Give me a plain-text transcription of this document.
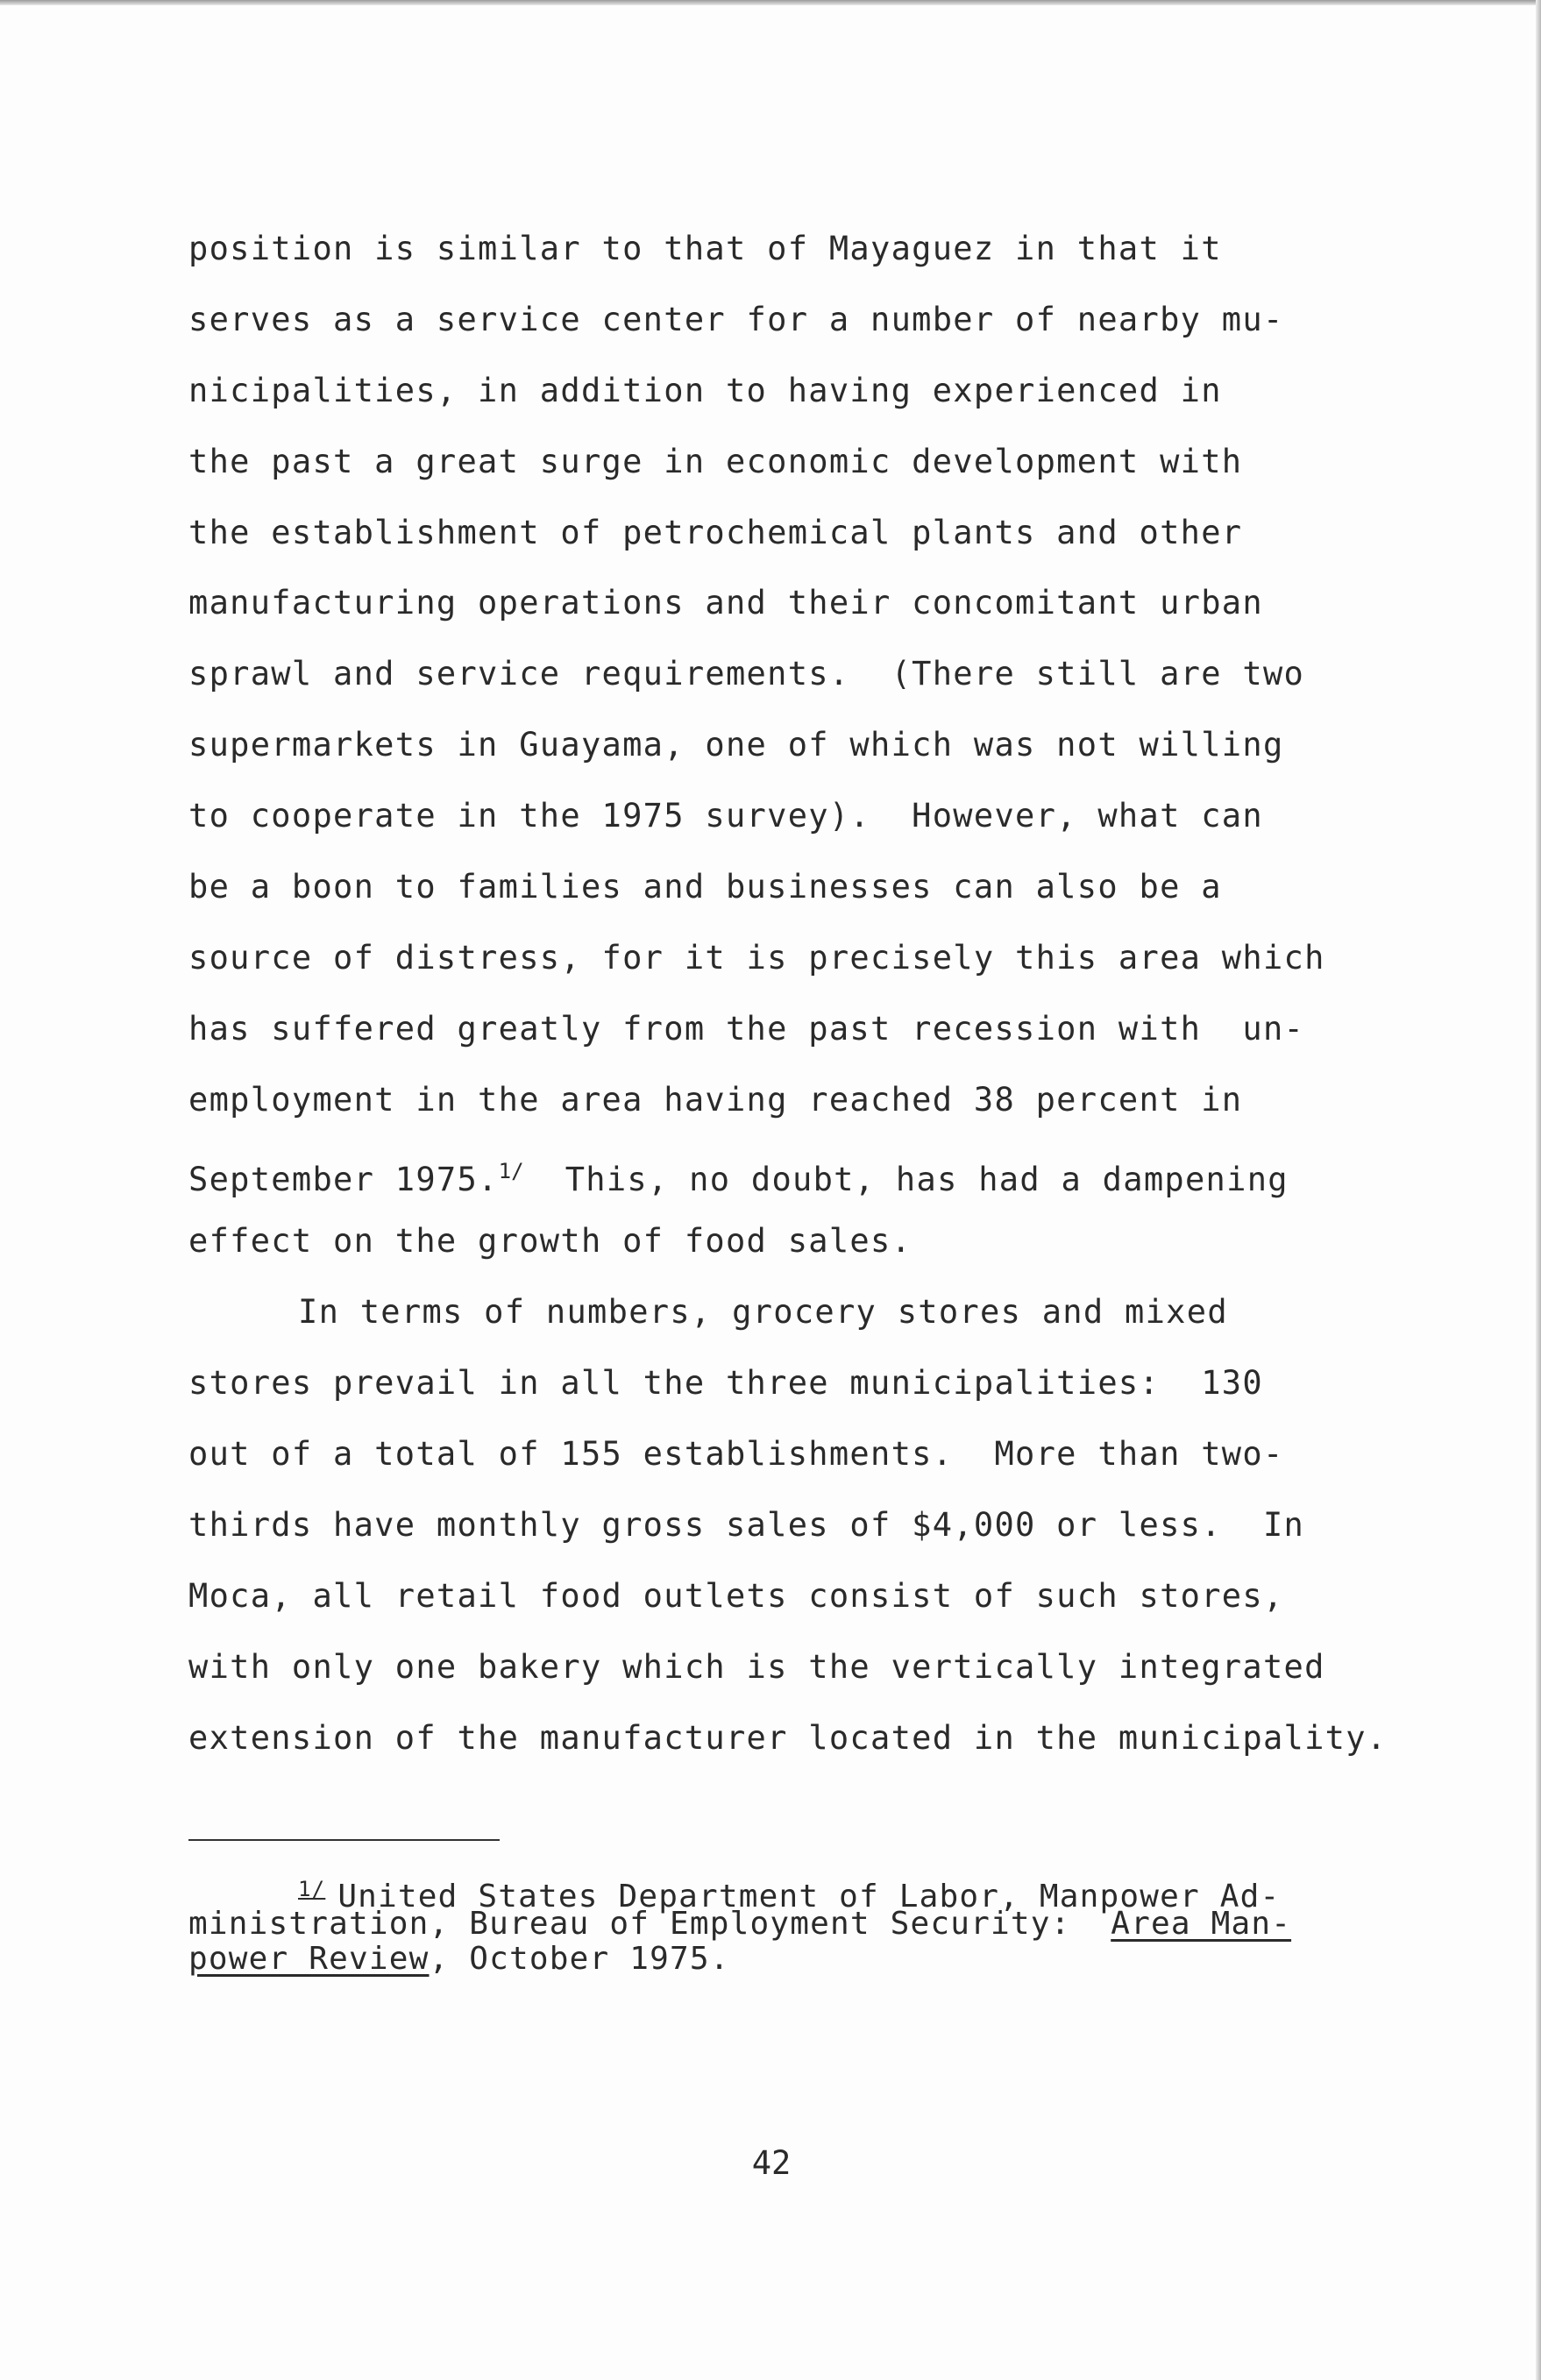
position is similar to that of Mayaguez in that it
serves as a service center for a number of nearby mu-
nicipalities, in addition to having experienced in
the past a great surge in economic development with
the establishment of petrochemical plants and other
manufacturing operations and their concomitant urban
sprawl and service requirements.  (There still are two
supermarkets in Guayama, one of which was not willing
to cooperate in the 1975 survey).  However, what can
be a boon to families and businesses can also be a
source of distress, for it is precisely this area which
has suffered greatly from the past recession with  un-
employment in the area having reached 38 percent in
September 1975.$^{1/}$  This, no doubt, has had a dampening
effect on the growth of food sales.
In terms of numbers, grocery stores and mixed
stores prevail in all the three municipalities:  130
out of a total of 155 establishments.  More than two-
thirds have monthly gross sales of $4,000 or less.  In
Moca, all retail food outlets consist of such stores,
with only one bakery which is the vertically integrated
extension of the manufacturer located in the municipality.
$^{1/}$ United States Department of Labor, Manpower Ad-
ministration, Bureau of Employment Security:  Area Man-
power Review, October 1975.
42
